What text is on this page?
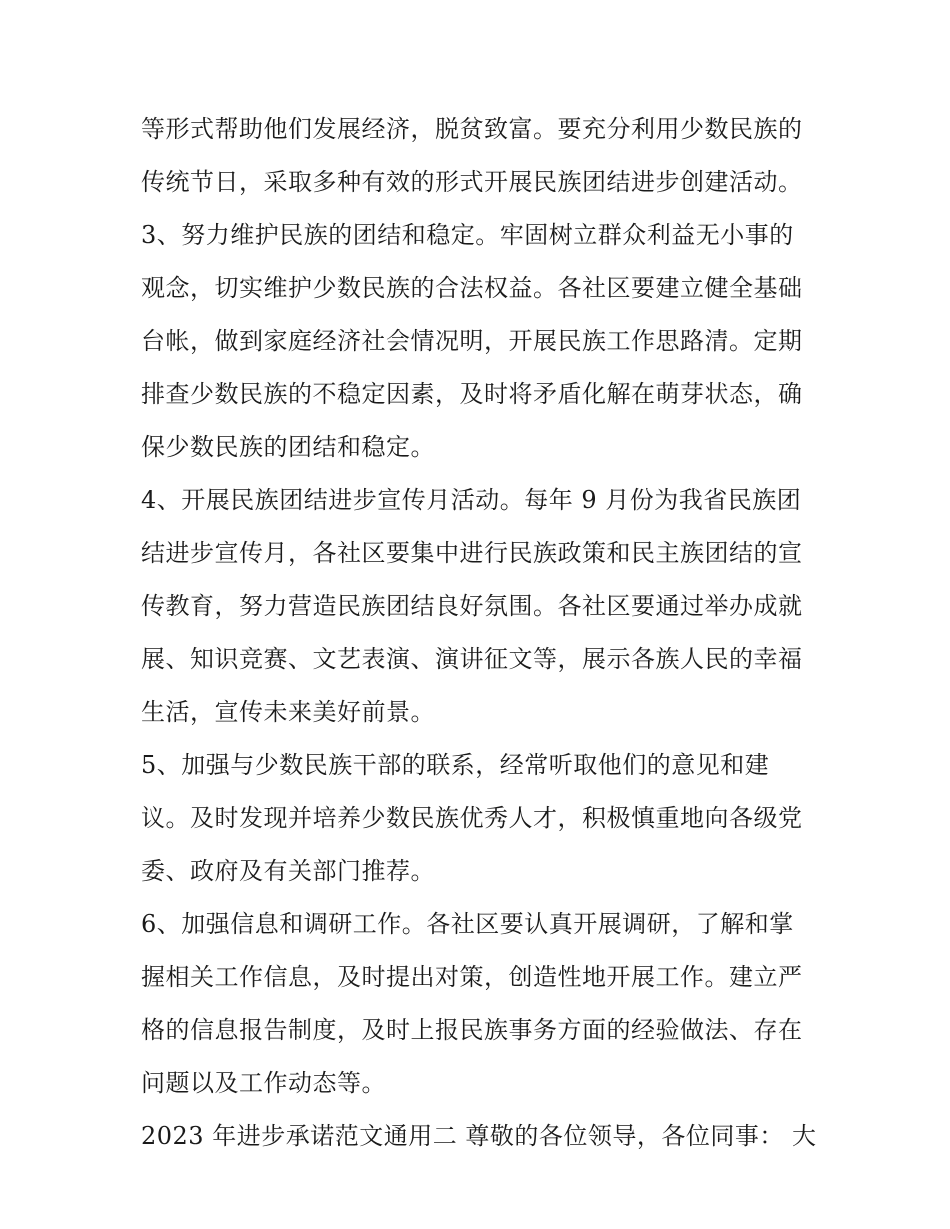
等形式帮助他们发展经济，脱贫致富。要充分利用少数民族的
传统节日，采取多种有效的形式开展民族团结进步创建活动。
3、努力维护民族的团结和稳定。牢固树立群众利益无小事的
观念，切实维护少数民族的合法权益。各社区要建立健全基础
台帐，做到家庭经济社会情况明，开展民族工作思路清。定期
排查少数民族的不稳定因素，及时将矛盾化解在萌芽状态，确
保少数民族的团结和稳定。
4、开展民族团结进步宣传月活动。每年 9 月份为我省民族团
结进步宣传月，各社区要集中进行民族政策和民主族团结的宣
传教育，努力营造民族团结良好氛围。各社区要通过举办成就
展、知识竞赛、文艺表演、演讲征文等，展示各族人民的幸福
生活，宣传未来美好前景。
5、加强与少数民族干部的联系，经常听取他们的意见和建
议。及时发现并培养少数民族优秀人才，积极慎重地向各级党
委、政府及有关部门推荐。
6、加强信息和调研工作。各社区要认真开展调研，了解和掌
握相关工作信息，及时提出对策，创造性地开展工作。建立严
格的信息报告制度，及时上报民族事务方面的经验做法、存在
问题以及工作动态等。
2023 年进步承诺范文通用二 尊敬的各位领导，各位同事： 大
